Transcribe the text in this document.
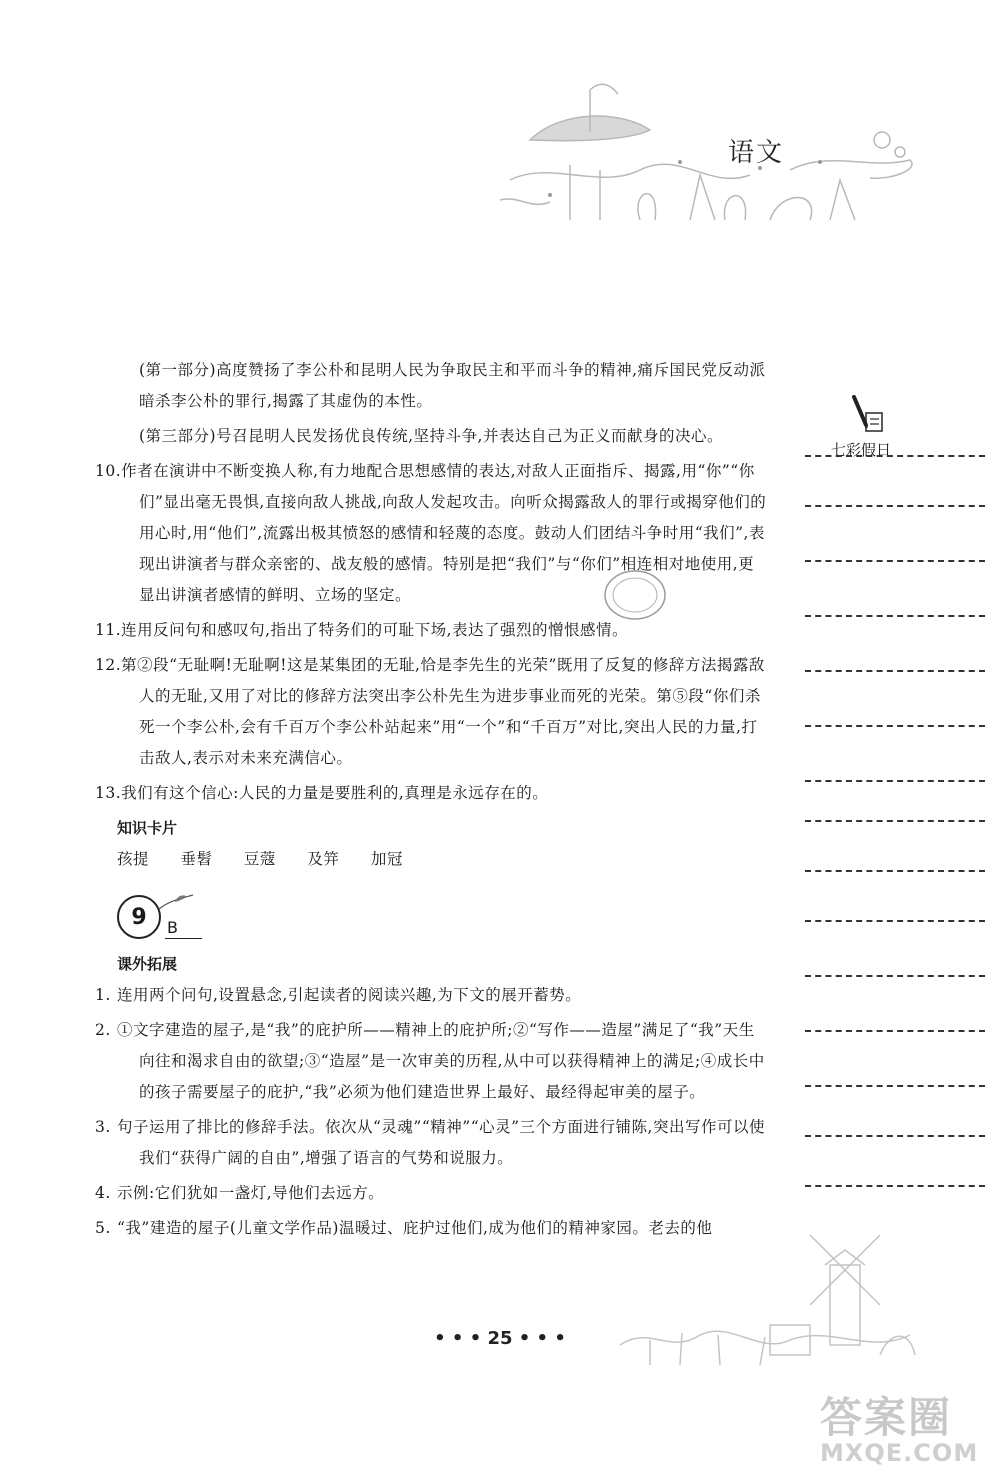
语文

(第一部分)高度赞扬了李公朴和昆明人民为争取民主和平而斗争的精神,痛斥国民党反动派暗杀李公朴的罪行,揭露了其虚伪的本性。

(第三部分)号召昆明人民发扬优良传统,坚持斗争,并表达自己为正义而献身的决心。

10.作者在演讲中不断变换人称,有力地配合思想感情的表达,对敌人正面指斥、揭露,用“你”“你们”显出毫无畏惧,直接向敌人挑战,向敌人发起攻击。向听众揭露敌人的罪行或揭穿他们的用心时,用“他们”,流露出极其愤怒的感情和轻蔑的态度。鼓动人们团结斗争时用“我们”,表现出讲演者与群众亲密的、战友般的感情。特别是把“我们”与“你们”相连相对地使用,更显出讲演者感情的鲜明、立场的坚定。

11.连用反问句和感叹句,指出了特务们的可耻下场,表达了强烈的憎恨感情。

12.第②段“无耻啊!无耻啊!这是某集团的无耻,恰是李先生的光荣”既用了反复的修辞方法揭露敌人的无耻,又用了对比的修辞方法突出李公朴先生为进步事业而死的光荣。第⑤段“你们杀死一个李公朴,会有千百万个李公朴站起来”用“一个”和“千百万”对比,突出人民的力量,打击敌人,表示对未来充满信心。

13.我们有这个信心:人民的力量是要胜利的,真理是永远存在的。

知识卡片
孩提 垂髫 豆蔻 及笄 加冠
9	B
课外拓展

1. 连用两个问句,设置悬念,引起读者的阅读兴趣,为下文的展开蓄势。

2. ①文字建造的屋子,是“我”的庇护所——精神上的庇护所;②“写作——造屋”满足了“我”天生向往和渴求自由的欲望;③“造屋”是一次审美的历程,从中可以获得精神上的满足;④成长中的孩子需要屋子的庇护,“我”必须为他们建造世界上最好、最经得起审美的屋子。

3. 句子运用了排比的修辞手法。依次从“灵魂”“精神”“心灵”三个方面进行铺陈,突出写作可以使我们“获得广阔的自由”,增强了语言的气势和说服力。

4. 示例:它们犹如一盏灯,导他们去远方。

5. “我”建造的屋子(儿童文学作品)温暖过、庇护过他们,成为他们的精神家园。老去的他

七彩假日
• • • 25 • • •
答案圈
MXQE.COM
